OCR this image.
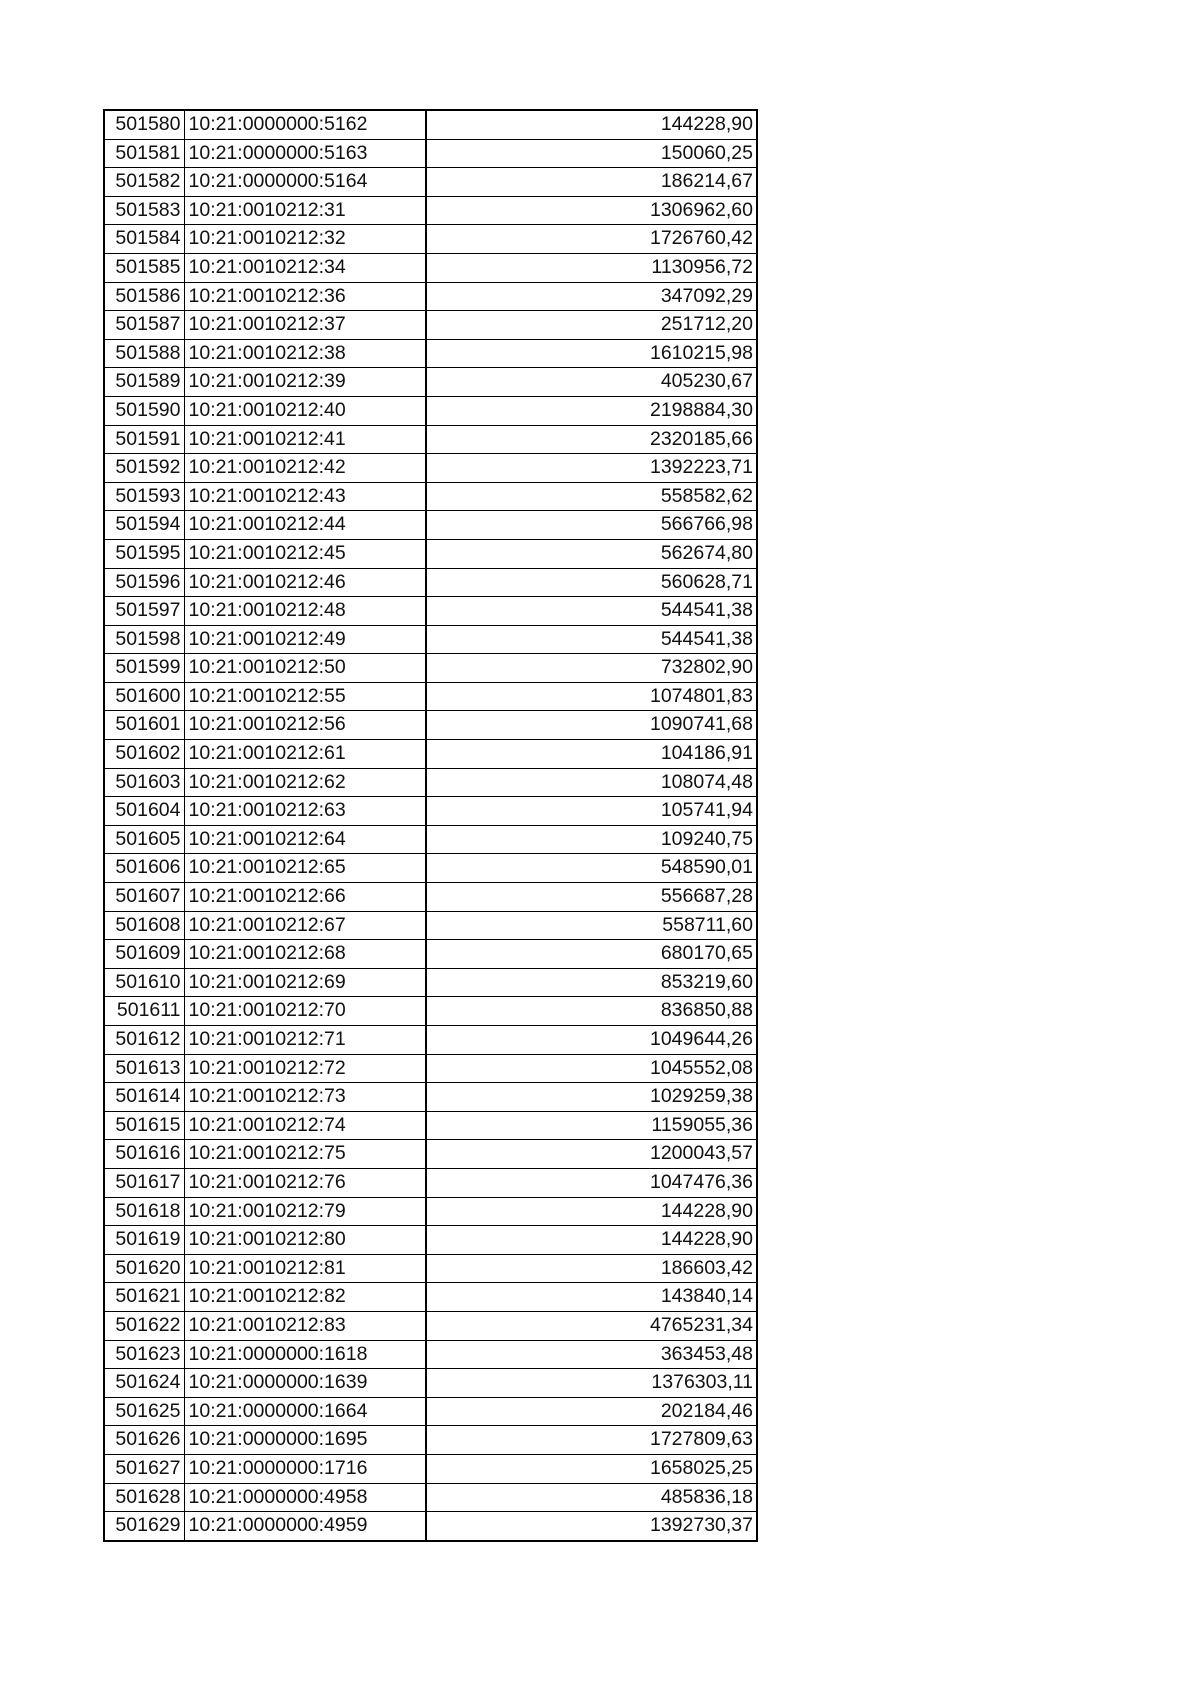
501580	10:21:0000000:5162	144228,90
501581	10:21:0000000:5163	150060,25
501582	10:21:0000000:5164	186214,67
501583	10:21:0010212:31	1306962,60
501584	10:21:0010212:32	1726760,42
501585	10:21:0010212:34	1130956,72
501586	10:21:0010212:36	347092,29
501587	10:21:0010212:37	251712,20
501588	10:21:0010212:38	1610215,98
501589	10:21:0010212:39	405230,67
501590	10:21:0010212:40	2198884,30
501591	10:21:0010212:41	2320185,66
501592	10:21:0010212:42	1392223,71
501593	10:21:0010212:43	558582,62
501594	10:21:0010212:44	566766,98
501595	10:21:0010212:45	562674,80
501596	10:21:0010212:46	560628,71
501597	10:21:0010212:48	544541,38
501598	10:21:0010212:49	544541,38
501599	10:21:0010212:50	732802,90
501600	10:21:0010212:55	1074801,83
501601	10:21:0010212:56	1090741,68
501602	10:21:0010212:61	104186,91
501603	10:21:0010212:62	108074,48
501604	10:21:0010212:63	105741,94
501605	10:21:0010212:64	109240,75
501606	10:21:0010212:65	548590,01
501607	10:21:0010212:66	556687,28
501608	10:21:0010212:67	558711,60
501609	10:21:0010212:68	680170,65
501610	10:21:0010212:69	853219,60
501611	10:21:0010212:70	836850,88
501612	10:21:0010212:71	1049644,26
501613	10:21:0010212:72	1045552,08
501614	10:21:0010212:73	1029259,38
501615	10:21:0010212:74	1159055,36
501616	10:21:0010212:75	1200043,57
501617	10:21:0010212:76	1047476,36
501618	10:21:0010212:79	144228,90
501619	10:21:0010212:80	144228,90
501620	10:21:0010212:81	186603,42
501621	10:21:0010212:82	143840,14
501622	10:21:0010212:83	4765231,34
501623	10:21:0000000:1618	363453,48
501624	10:21:0000000:1639	1376303,11
501625	10:21:0000000:1664	202184,46
501626	10:21:0000000:1695	1727809,63
501627	10:21:0000000:1716	1658025,25
501628	10:21:0000000:4958	485836,18
501629	10:21:0000000:4959	1392730,37
